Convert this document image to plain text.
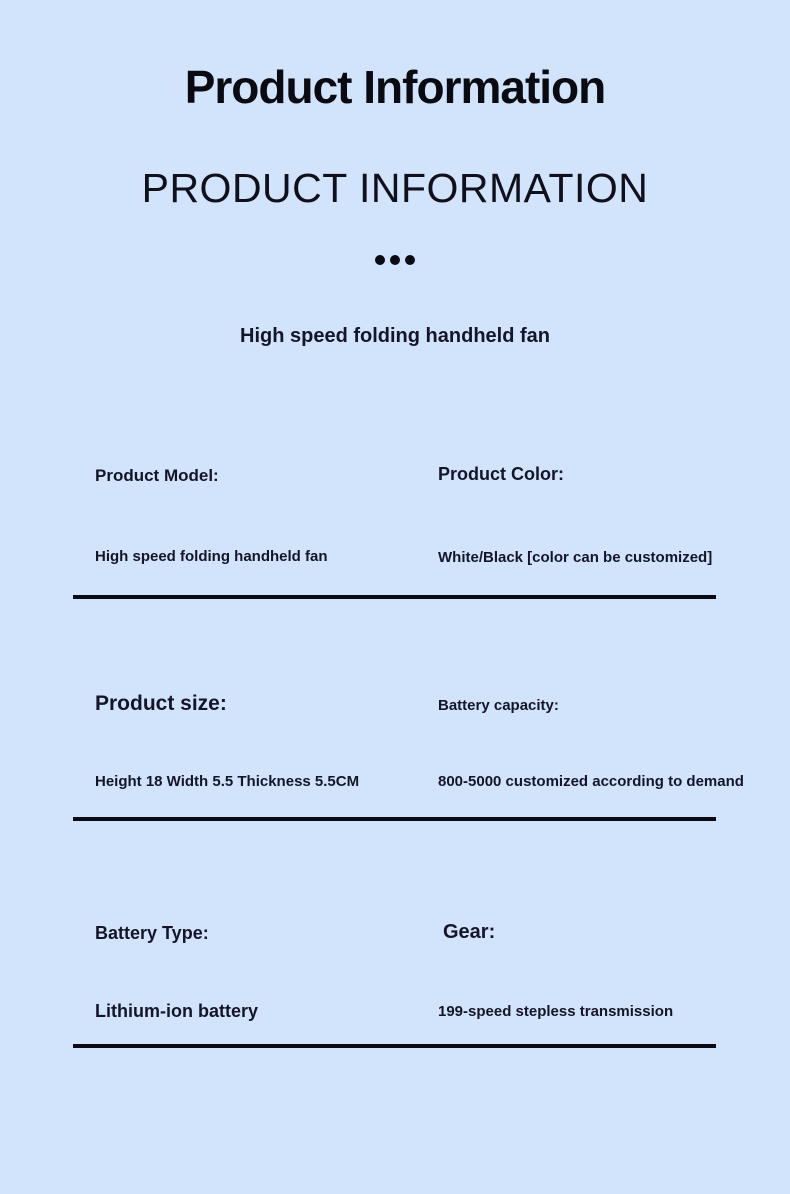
Product Information
PRODUCT INFORMATION
High speed folding handheld fan
Product Model:	Product Color:
High speed folding handheld fan	White/Black [color can be customized]
Product size:	Battery capacity:
Height 18 Width 5.5 Thickness 5.5CM	800-5000 customized according to demand
Battery Type:	Gear:
Lithium-ion battery	199-speed stepless transmission
